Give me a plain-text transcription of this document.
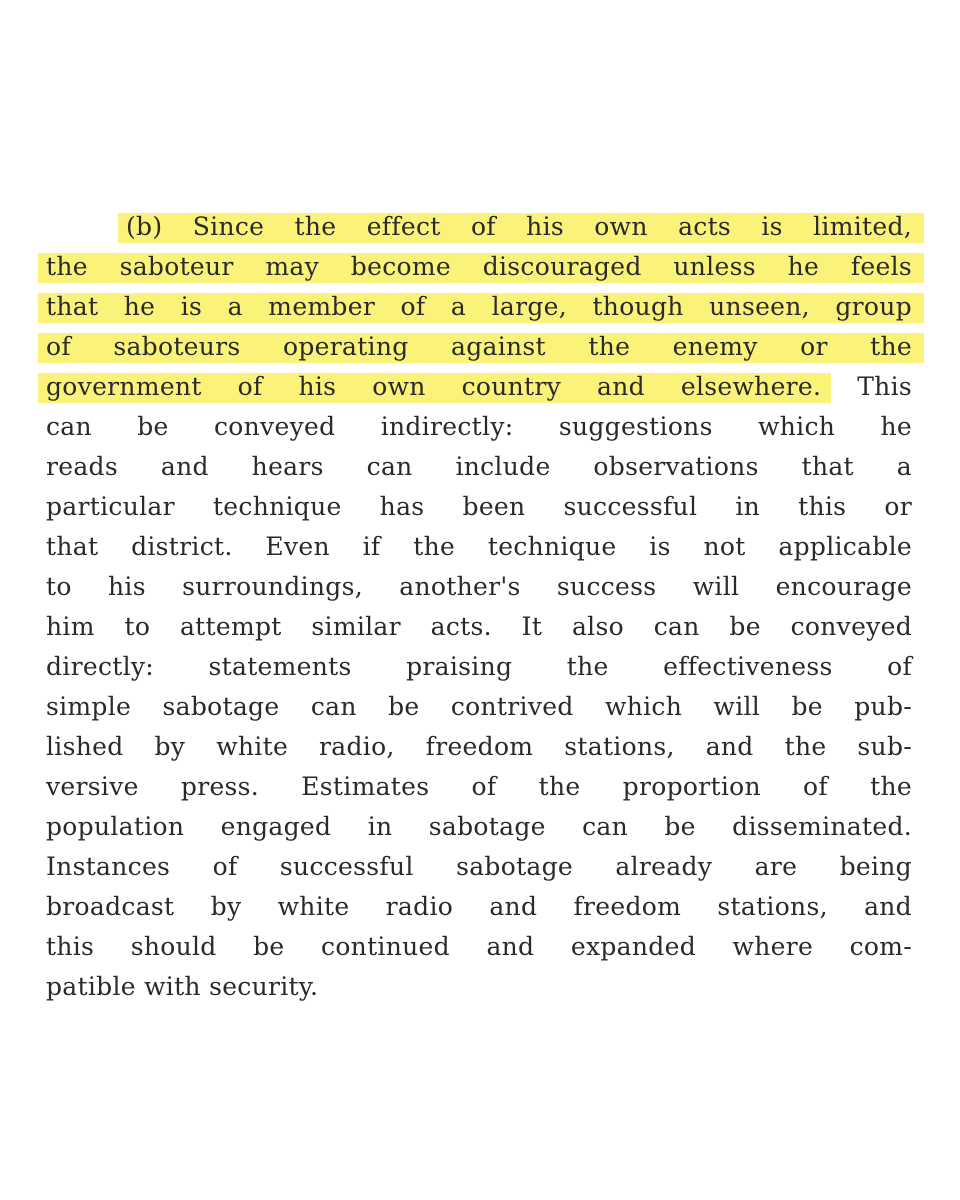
(b) Since the effect of his own acts is limited,
the saboteur may become discouraged unless he feels
that he is a member of a large, though unseen, group
of saboteurs operating against the enemy or the
government of his own country and elsewhere. This
can be conveyed indirectly: suggestions which he
reads and hears can include observations that a
particular technique has been successful in this or
that district. Even if the technique is not applicable
to his surroundings, another's success will encourage
him to attempt similar acts. It also can be conveyed
directly: statements praising the effectiveness of
simple sabotage can be contrived which will be pub-
lished by white radio, freedom stations, and the sub-
versive press. Estimates of the proportion of the
population engaged in sabotage can be disseminated.
Instances of successful sabotage already are being
broadcast by white radio and freedom stations, and
this should be continued and expanded where com-
patible with security.
